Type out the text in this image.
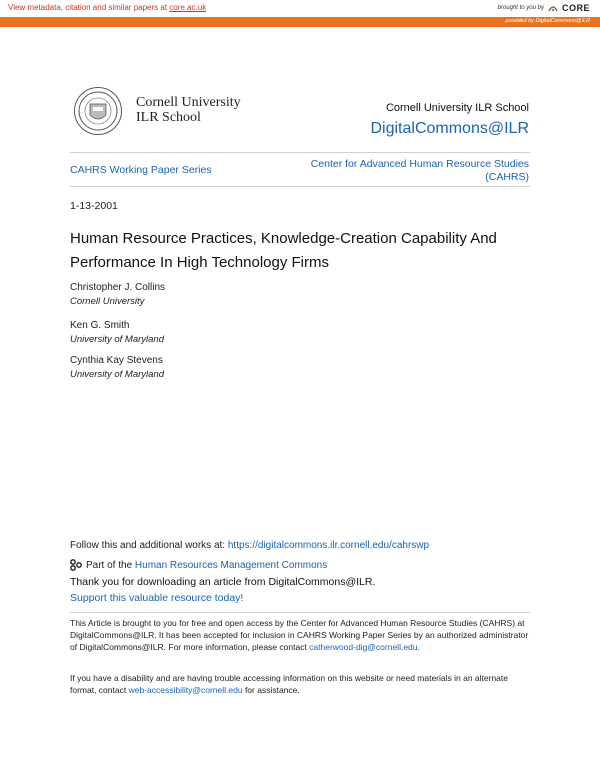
View metadata, citation and similar papers at core.ac.uk	brought to you by CORE
provided by DigitalCommons@ILR
Cornell University
ILR School
Cornell University ILR School
DigitalCommons@ILR
CAHRS Working Paper Series	Center for Advanced Human Resource Studies
(CAHRS)
1-13-2001
Human Resource Practices, Knowledge-Creation Capability And Performance In High Technology Firms
Christopher J. Collins
Cornell University
Ken G. Smith
University of Maryland
Cynthia Kay Stevens
University of Maryland
Follow this and additional works at: https://digitalcommons.ilr.cornell.edu/cahrswp
Part of the Human Resources Management Commons
Thank you for downloading an article from DigitalCommons@ILR.
Support this valuable resource today!
This Article is brought to you for free and open access by the Center for Advanced Human Resource Studies (CAHRS) at DigitalCommons@ILR. It has been accepted for inclusion in CAHRS Working Paper Series by an authorized administrator of DigitalCommons@ILR. For more information, please contact catherwood-dig@cornell.edu.
If you have a disability and are having trouble accessing information on this website or need materials in an alternate format, contact web-accessibility@cornell.edu for assistance.
